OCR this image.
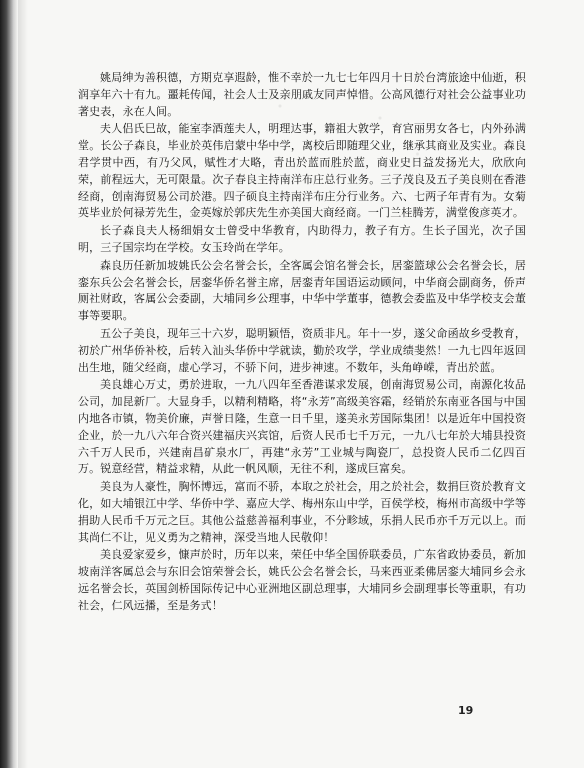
姚局绅为善积德，方期克享遐龄，惟不幸於一九七七年四月十日於台湾旅途中仙逝，积润享年六十有九。噩耗传闻，社会人士及亲朋戚友同声悼惜。公高风德行对社会公益事业功著史表，永在人间。

夫人侣氏巳故，能室李酒莲夫人，明理达事，籍祖大敦学，育宫丽男女各七，内外孙满堂。长公子森良，毕业於英伟启蒙中华中学，离校后即随理父业，继承其商业及实业。森良君学贯中西，有乃父风，赋性才大略，青出於蓝而胜於蓝，商业史日益发扬光大，欣欣向荣，前程远大，无可限量。次子春良主持南洋布庄总行业务。三子茂良及五子美良则在香港经商，创南海贸易公司於港。四子硕良主持南洋布庄分行业务。六、七两子年青有为。女菊英毕业於何禄芳先生，金英嫁於郭庆先生亦美国大商经商。一门兰桂腾芳，满堂俊彦英才。

长子森良夫人杨细娟女士曾受中华教育，内助得力，教子有方。生长子国光，次子国明，三子国宗均在学校。女玉玲尚在学年。

森良历任新加坡姚氏公会名誉会长，全客属会馆名誉会长，居銮篮球公会名誉会长，居銮东兵公会名誉会长，居銮华侨名誉主席，居銮青年国语运动顾问，中华商会副商务，侨声厕社财政，客属公会委副，大埔同乡公理事，中华中学董事，德教会委监及中华学校支会董事等要职。

五公子美良，现年三十六岁，聪明颖悟，资质非凡。年十一岁，遂父命函故乡受教育，初於广州华侨补校，后转入汕头华侨中学就读，勤於攻学，学业成绩斐然！一九七四年返回出生地，随父经商，虚心学习，不骄下问，进步神速。不数年，头角峥嵘，青出於蓝。

美良雄心万丈，勇於进取，一九八四年至香港谋求发展，创南海贸易公司，南源化妆品公司，加昆新厂。大显身手，以精利精略，将“永芳”高级美容霜，经销於东南亚各国与中国内地各市镇，物美价廉，声誉日隆，生意一日千里，遂美永芳国际集团！以是近年中国投资企业，於一九八六年合资兴建福庆兴宾馆，后资人民币七千万元，一九八七年於大埔县投资六千万人民币，兴建南昌矿泉水厂，再建“永芳”工业城与陶瓷厂，总投资人民币二亿四百万。锐意经营，精益求精，从此一帆风顺，无往不利，遂成巨富矣。

美良为人豪性，胸怀博远，富而不骄，本取之於社会，用之於社会，数捐巨资於教育文化，如大埔银江中学、华侨中学、嘉应大学、梅州东山中学，百侯学校，梅州市高级中学等捐助人民币千万元之巨。其他公益慈善福利事业，不分畛域，乐捐人民币亦千万元以上。而其尚仁不让，见义勇为之精神，深受当地人民敬仰！

美良爱家爱乡，慷声於时，历年以来，荣任中华全国侨联委员，广东省政协委员，新加坡南洋客属总会与东旧会馆荣誉会长，姚氏公会名誉会长，马来西亚柔佛居銮大埔同乡会永远名誉会长，英国剑桥国际传记中心亚洲地区副总理事，大埔同乡会副理事长等重职，有功社会，仁风远播，至是务式！

19
